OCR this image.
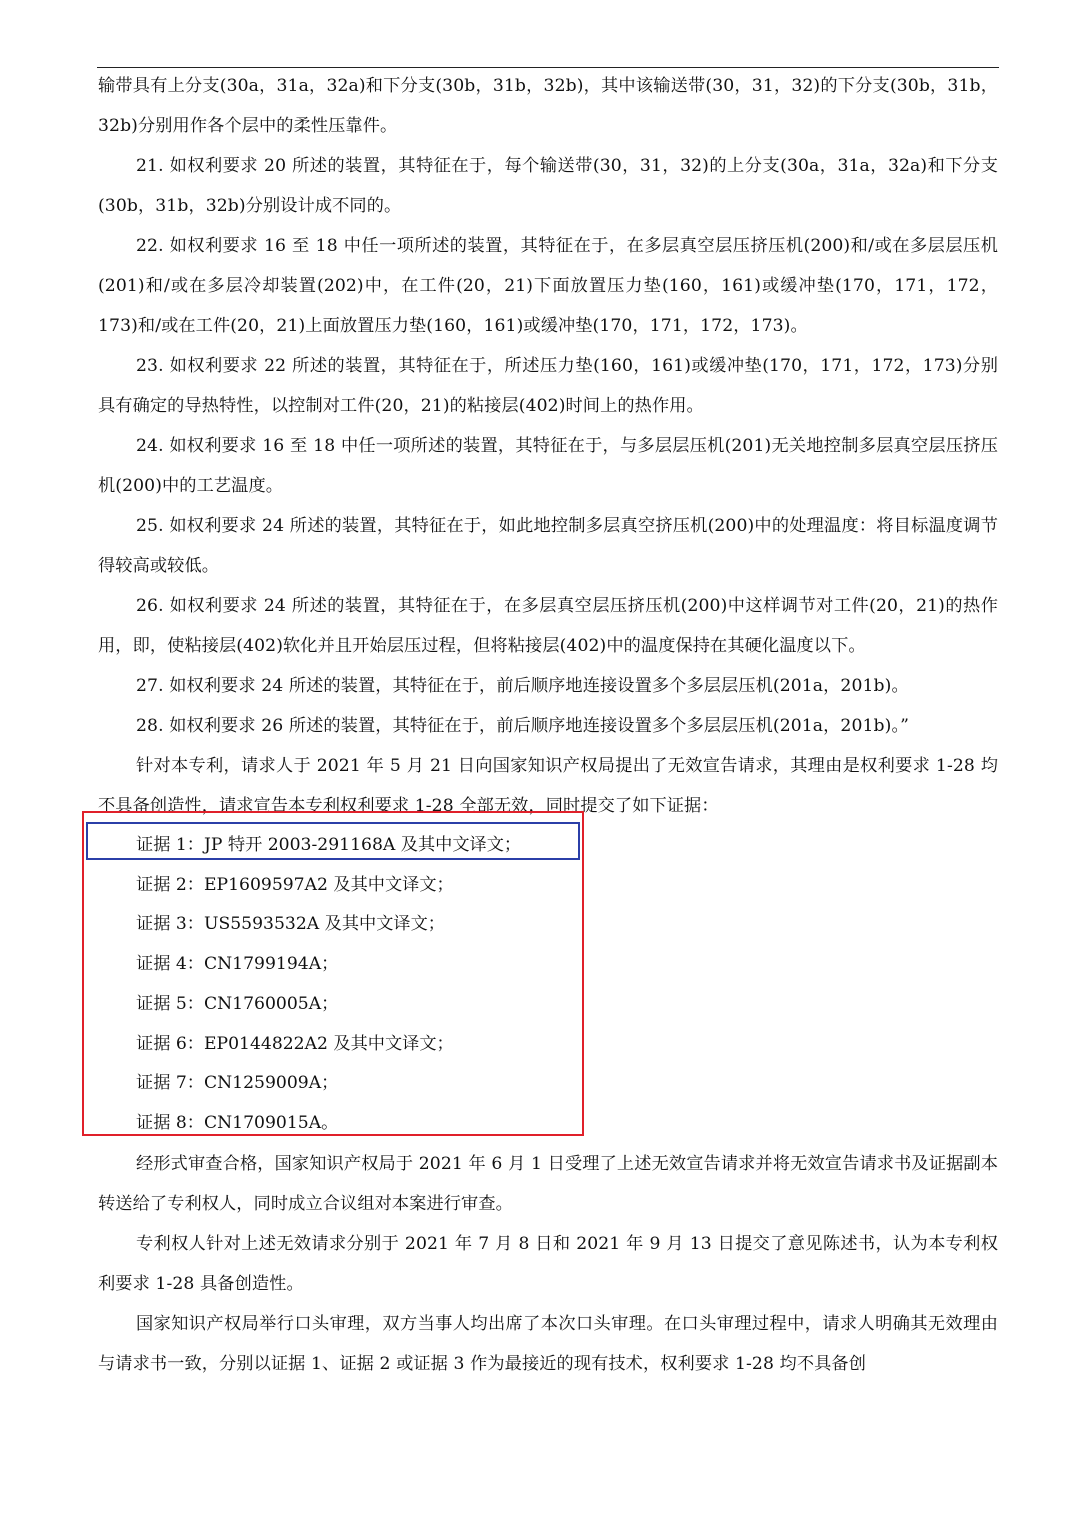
输带具有上分支(30a，31a，32a)和下分支(30b，31b，32b)，其中该输送带(30，31，32)的下分支(30b，31b，32b)分别用作各个层中的柔性压靠件。

21. 如权利要求 20 所述的装置，其特征在于，每个输送带(30，31，32)的上分支(30a，31a，32a)和下分支(30b，31b，32b)分别设计成不同的。

22. 如权利要求 16 至 18 中任一项所述的装置，其特征在于，在多层真空层压挤压机(200)和/或在多层层压机(201)和/或在多层冷却装置(202)中，在工件(20，21)下面放置压力垫(160，161)或缓冲垫(170，171，172，173)和/或在工件(20，21)上面放置压力垫(160，161)或缓冲垫(170，171，172，173)。

23. 如权利要求 22 所述的装置，其特征在于，所述压力垫(160，161)或缓冲垫(170，171，172，173)分别具有确定的导热特性，以控制对工件(20，21)的粘接层(402)时间上的热作用。

24. 如权利要求 16 至 18 中任一项所述的装置，其特征在于，与多层层压机(201)无关地控制多层真空层压挤压机(200)中的工艺温度。

25. 如权利要求 24 所述的装置，其特征在于，如此地控制多层真空挤压机(200)中的处理温度：将目标温度调节得较高或较低。

26. 如权利要求 24 所述的装置，其特征在于，在多层真空层压挤压机(200)中这样调节对工件(20，21)的热作用，即，使粘接层(402)软化并且开始层压过程，但将粘接层(402)中的温度保持在其硬化温度以下。

27. 如权利要求 24 所述的装置，其特征在于，前后顺序地连接设置多个多层层压机(201a，201b)。

28. 如权利要求 26 所述的装置，其特征在于，前后顺序地连接设置多个多层层压机(201a，201b)。”

针对本专利，请求人于 2021 年 5 月 21 日向国家知识产权局提出了无效宣告请求，其理由是权利要求 1-28 均不具备创造性，请求宣告本专利权利要求 1-28 全部无效，同时提交了如下证据：

证据 1：JP 特开 2003-291168A 及其中文译文；

证据 2：EP1609597A2 及其中文译文；

证据 3：US5593532A 及其中文译文；

证据 4：CN1799194A；

证据 5：CN1760005A；

证据 6：EP0144822A2 及其中文译文；

证据 7：CN1259009A；

证据 8：CN1709015A。

经形式审查合格，国家知识产权局于 2021 年 6 月 1 日受理了上述无效宣告请求并将无效宣告请求书及证据副本转送给了专利权人，同时成立合议组对本案进行审查。

专利权人针对上述无效请求分别于 2021 年 7 月 8 日和 2021 年 9 月 13 日提交了意见陈述书，认为本专利权利要求 1-28 具备创造性。

国家知识产权局举行口头审理，双方当事人均出席了本次口头审理。在口头审理过程中，请求人明确其无效理由与请求书一致，分别以证据 1、证据 2 或证据 3 作为最接近的现有技术，权利要求 1-28 均不具备创
